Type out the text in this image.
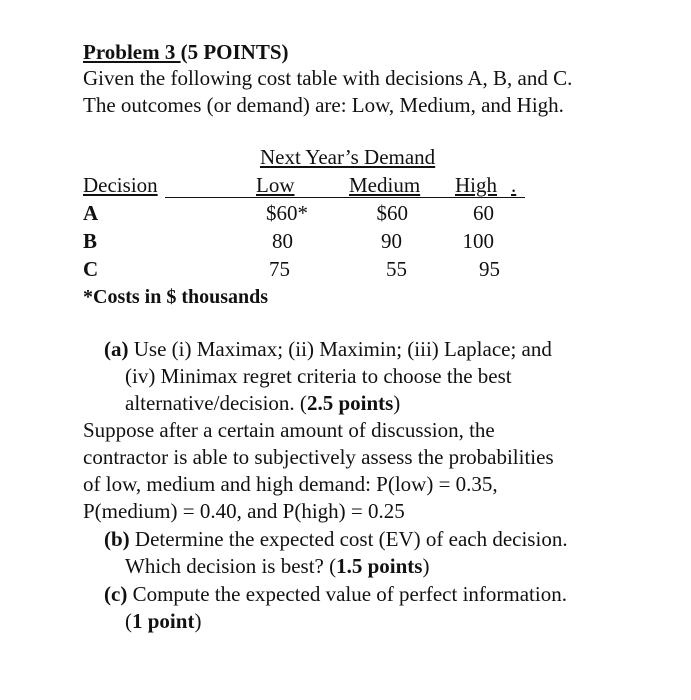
Problem 3 (5 POINTS)
Given the following cost table with decisions A, B, and C.
The outcomes (or demand) are: Low, Medium, and High.
Next Year’s Demand
Decision	Low	Medium High .
A	$60*	$60	60
B	80	90	100
C	75	55	95
*Costs in $ thousands
(a) Use (i) Maximax; (ii) Maximin; (iii) Laplace; and
(iv) Minimax regret criteria to choose the best
alternative/decision. (2.5 points)
Suppose after a certain amount of discussion, the
contractor is able to subjectively assess the probabilities
of low, medium and high demand: P(low) = 0.35,
P(medium) = 0.40, and P(high) = 0.25
(b) Determine the expected cost (EV) of each decision.
Which decision is best? (1.5 points)
(c) Compute the expected value of perfect information.
(1 point)
